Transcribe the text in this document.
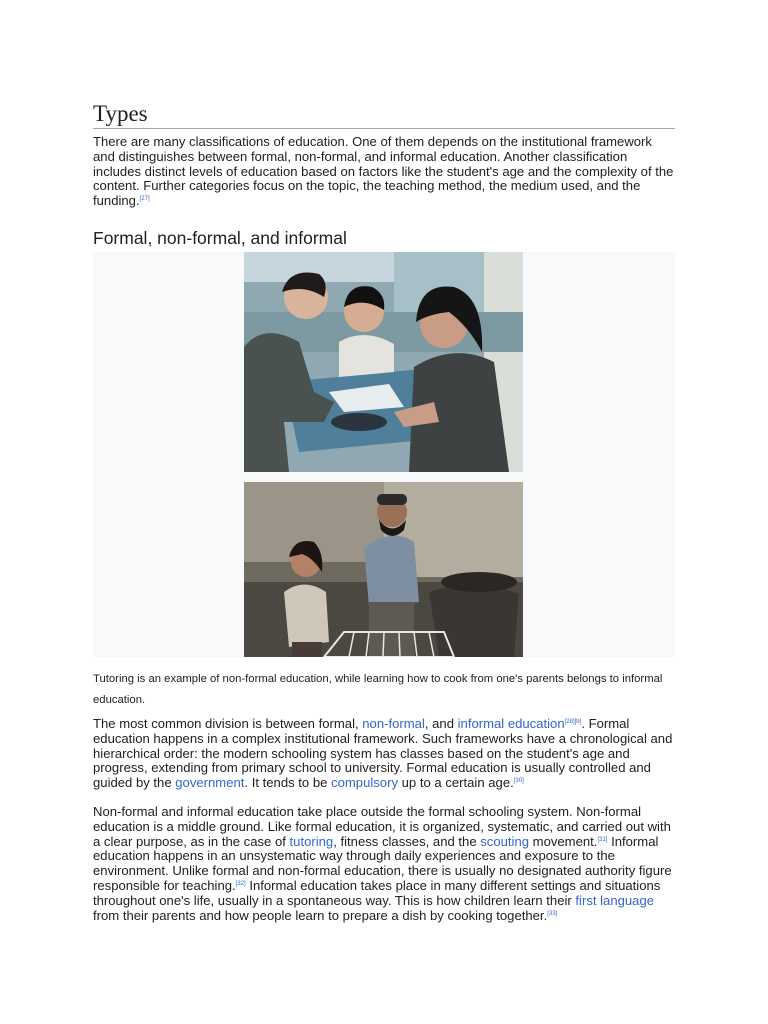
Types

There are many classifications of education. One of them depends on the institutional framework and distinguishes between formal, non-formal, and informal education. Another classification includes distinct levels of education based on factors like the student's age and the complexity of the content. Further categories focus on the topic, the teaching method, the medium used, and the funding.[27]

Formal, non-formal, and informal

Tutoring is an example of non-formal education, while learning how to cook from one's parents belongs to informal education.

The most common division is between formal, non-formal, and informal education[28][b]. Formal education happens in a complex institutional framework. Such frameworks have a chronological and hierarchical order: the modern schooling system has classes based on the student's age and progress, extending from primary school to university. Formal education is usually controlled and guided by the government. It tends to be compulsory up to a certain age.[30]

Non-formal and informal education take place outside the formal schooling system. Non-formal education is a middle ground. Like formal education, it is organized, systematic, and carried out with a clear purpose, as in the case of tutoring, fitness classes, and the scouting movement.[31] Informal education happens in an unsystematic way through daily experiences and exposure to the environment. Unlike formal and non-formal education, there is usually no designated authority figure responsible for teaching.[32] Informal education takes place in many different settings and situations throughout one's life, usually in a spontaneous way. This is how children learn their first language from their parents and how people learn to prepare a dish by cooking together.[33]
